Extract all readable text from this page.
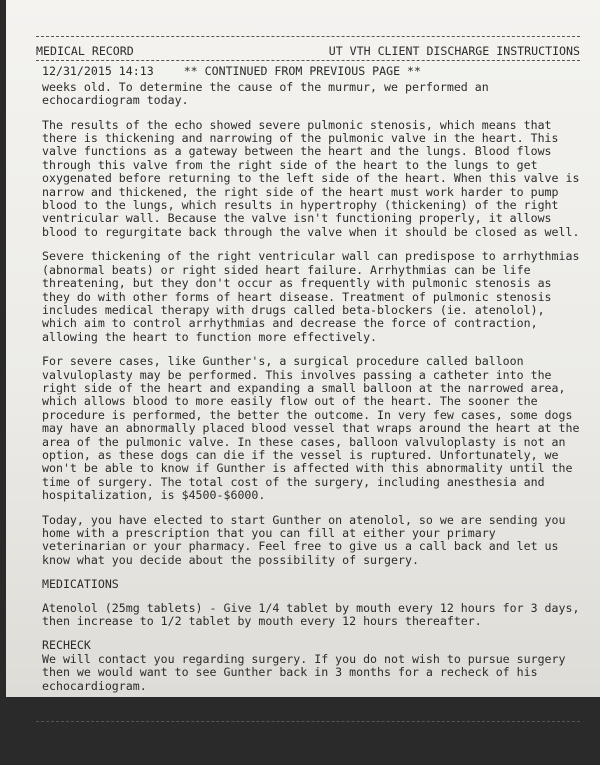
MEDICAL RECORD	UT VTH CLIENT DISCHARGE INSTRUCTIONS
12/31/2015 14:13	** CONTINUED FROM PREVIOUS PAGE **

weeks old. To determine the cause of the murmur, we performed an echocardiogram today.

The results of the echo showed severe pulmonic stenosis, which means that there is thickening and narrowing of the pulmonic valve in the heart. This valve functions as a gateway between the heart and the lungs. Blood flows through this valve from the right side of the heart to the lungs to get oxygenated before returning to the left side of the heart. When this valve is narrow and thickened, the right side of the heart must work harder to pump blood to the lungs, which results in hypertrophy (thickening) of the right ventricular wall. Because the valve isn't functioning properly, it allows blood to regurgitate back through the valve when it should be closed as well.

Severe thickening of the right ventricular wall can predispose to arrhythmias (abnormal beats) or right sided heart failure. Arrhythmias can be life threatening, but they don't occur as frequently with pulmonic stenosis as they do with other forms of heart disease. Treatment of pulmonic stenosis includes medical therapy with drugs called beta-blockers (ie. atenolol), which aim to control arrhythmias and decrease the force of contraction, allowing the heart to function more effectively.

For severe cases, like Gunther's, a surgical procedure called balloon valvuloplasty may be performed. This involves passing a catheter into the right side of the heart and expanding a small balloon at the narrowed area, which allows blood to more easily flow out of the heart. The sooner the procedure is performed, the better the outcome. In very few cases, some dogs may have an abnormally placed blood vessel that wraps around the heart at the area of the pulmonic valve. In these cases, balloon valvuloplasty is not an option, as these dogs can die if the vessel is ruptured. Unfortunately, we won't be able to know if Gunther is affected with this abnormality until the time of surgery. The total cost of the surgery, including anesthesia and hospitalization, is $4500-$6000.

Today, you have elected to start Gunther on atenolol, so we are sending you home with a prescription that you can fill at either your primary veterinarian or your pharmacy. Feel free to give us a call back and let us know what you decide about the possibility of surgery.

MEDICATIONS

Atenolol (25mg tablets) - Give 1/4 tablet by mouth every 12 hours for 3 days, then increase to 1/2 tablet by mouth every 12 hours thereafter.

RECHECK

We will contact you regarding surgery. If you do not wish to pursue surgery then we would want to see Gunther back in 3 months for a recheck of his echocardiogram.

** THIS NOTE CONTINUED ON NEXT PAGE **
GUNTHER ~ VAUGHN,KAREN	UT COLLEGE OF VETERINARY MED
Printed:12/31/2015 16:15
26-65-21 DOB:10/27/2015	Pt Loc: OUTPATIENT	VTH 2006
